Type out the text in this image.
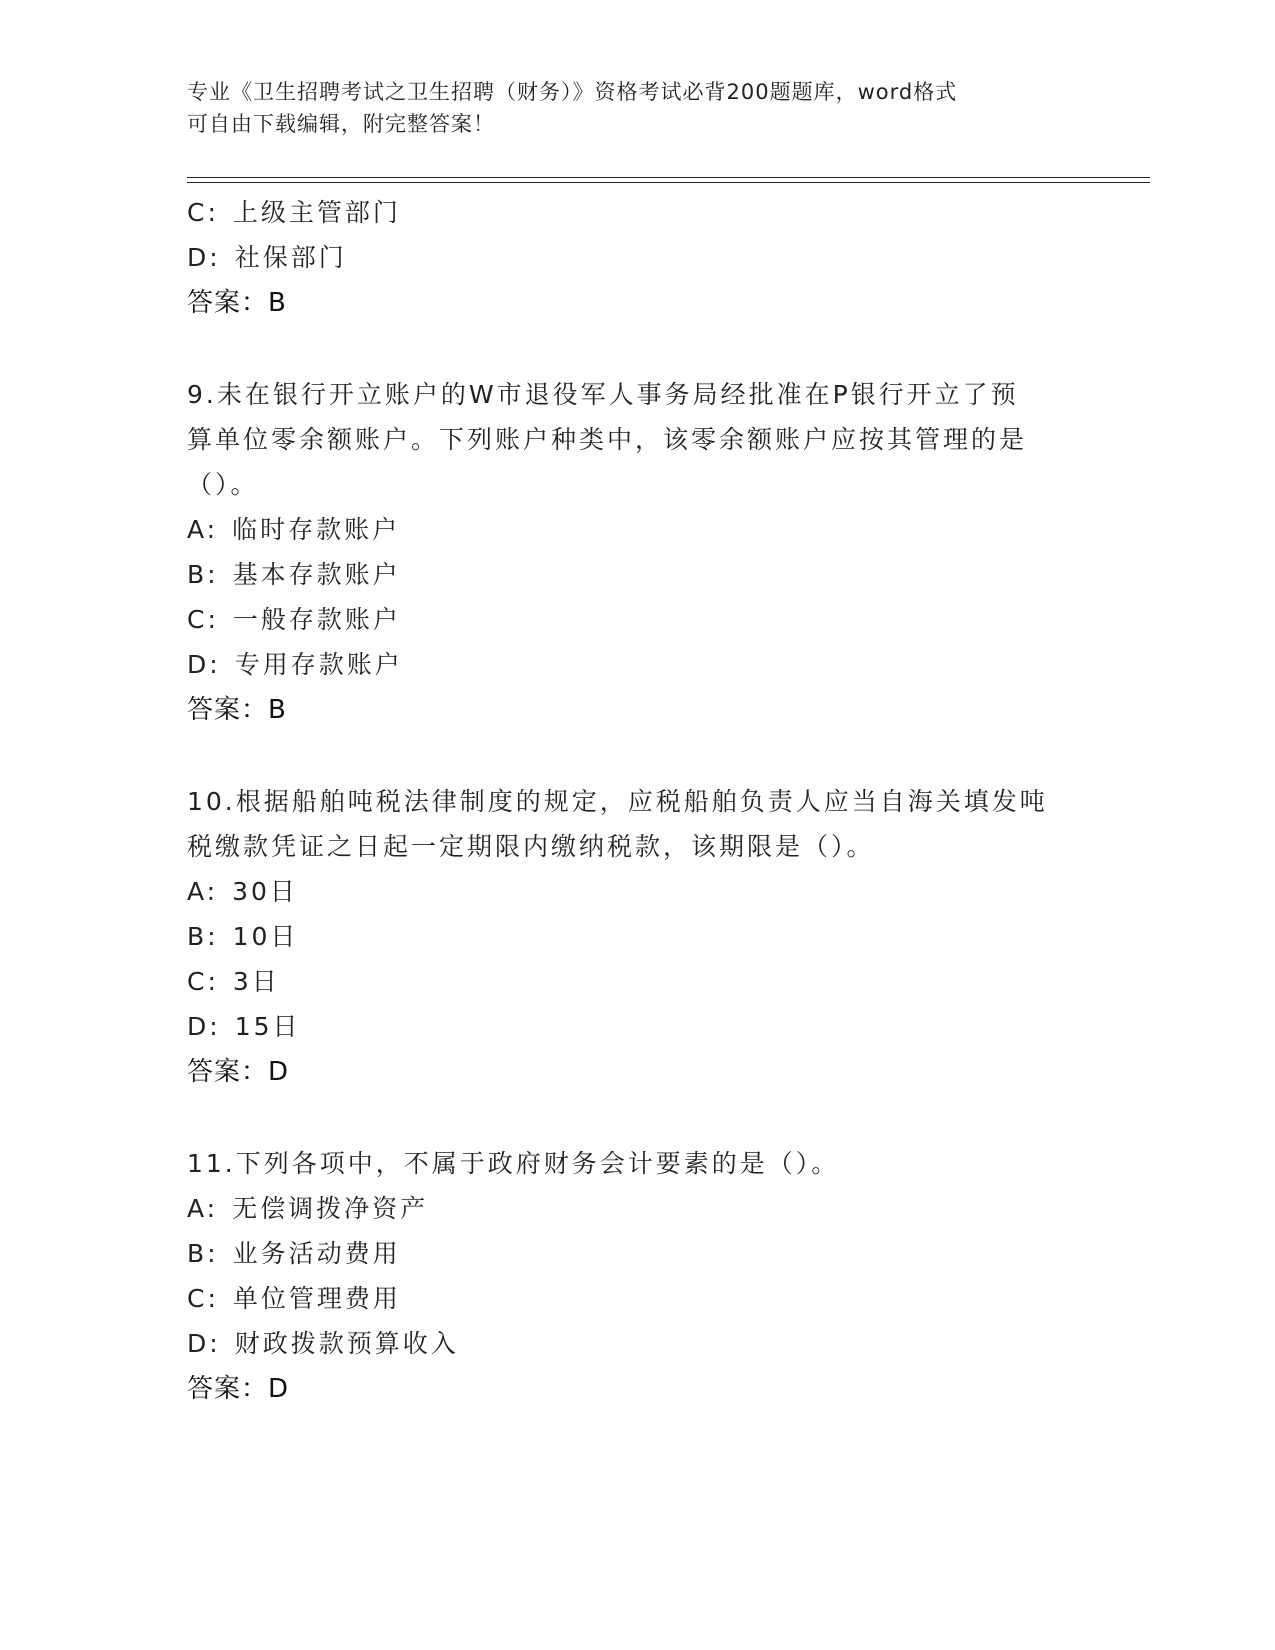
专业《卫生招聘考试之卫生招聘（财务）》资格考试必背200题题库，word格式
可自由下载编辑，附完整答案！
C: 上级主管部门
D: 社保部门
答案：B
9.未在银行开立账户的W市退役军人事务局经批准在P银行开立了预
算单位零余额账户。下列账户种类中，该零余额账户应按其管理的是
（）。
A: 临时存款账户
B: 基本存款账户
C: 一般存款账户
D: 专用存款账户
答案：B
10.根据船舶吨税法律制度的规定，应税船舶负责人应当自海关填发吨
税缴款凭证之日起一定期限内缴纳税款，该期限是（）。
A: 30日
B: 10日
C: 3日
D: 15日
答案：D
11.下列各项中，不属于政府财务会计要素的是（）。
A: 无偿调拨净资产
B: 业务活动费用
C: 单位管理费用
D: 财政拨款预算收入
答案：D
